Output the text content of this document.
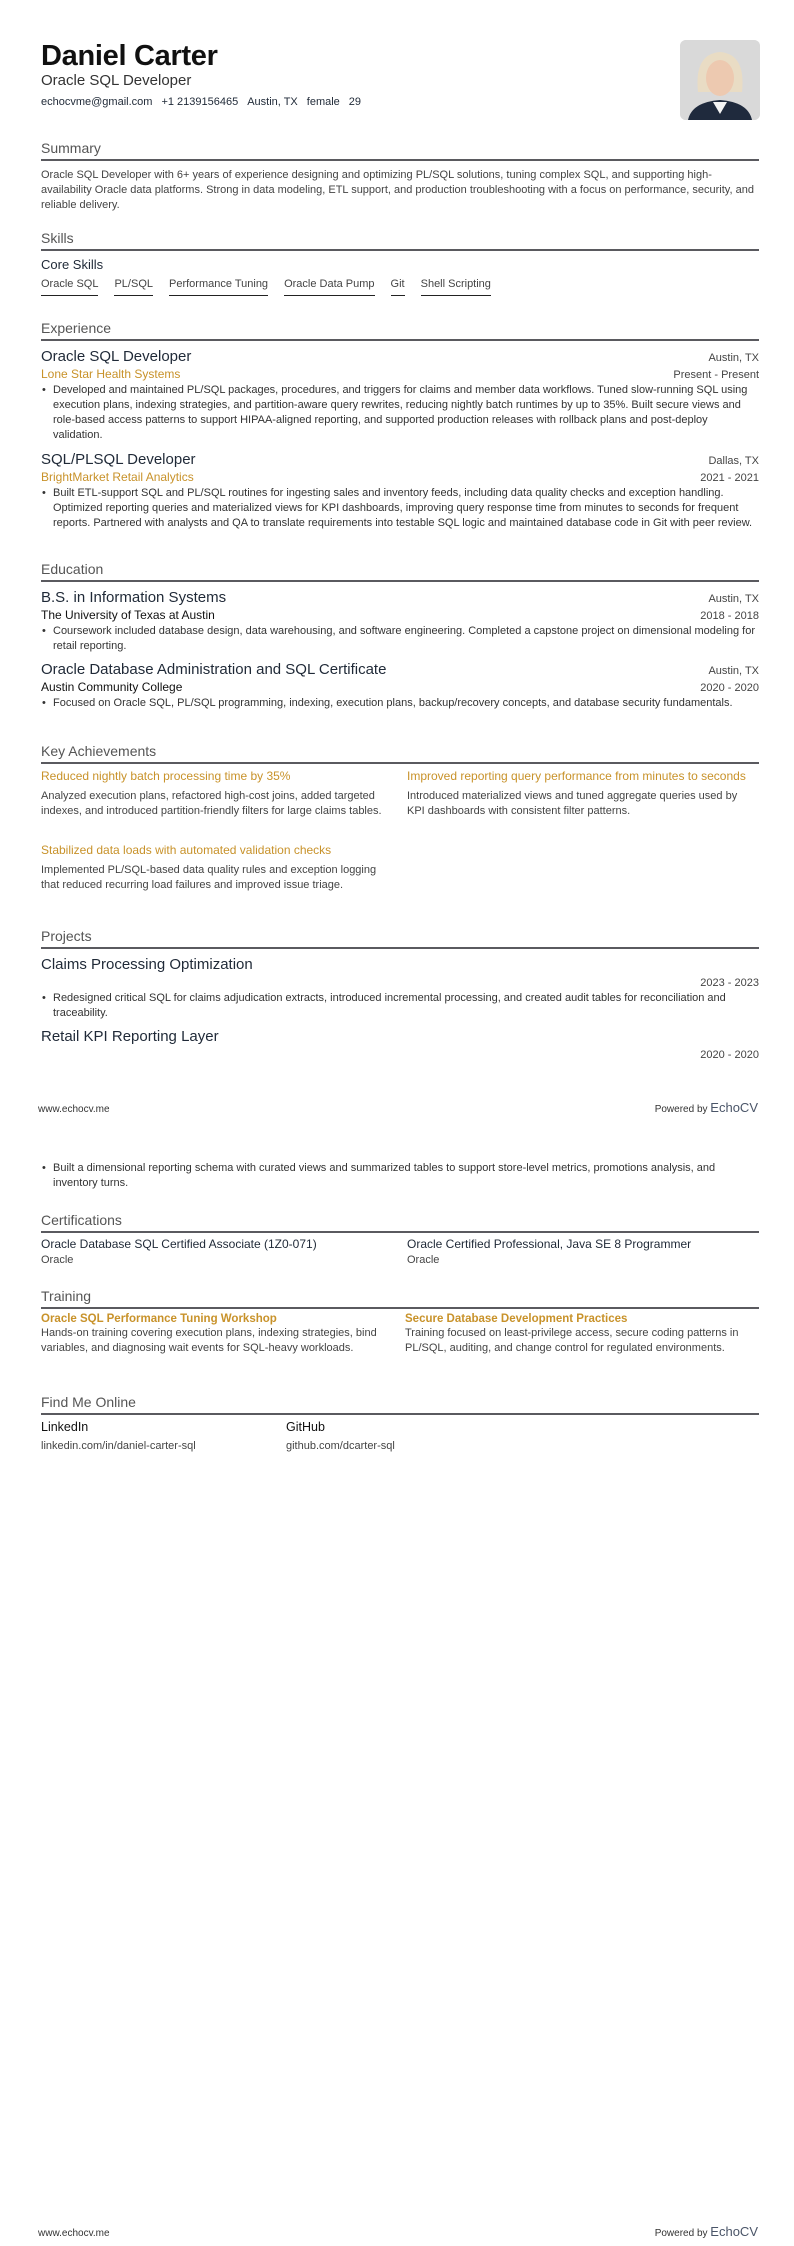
Daniel Carter
Oracle SQL Developer
echocvme@gmail.com +1 2139156465 Austin, TX female 29
Summary
Oracle SQL Developer with 6+ years of experience designing and optimizing PL/SQL solutions, tuning complex SQL, and supporting high-availability Oracle data platforms. Strong in data modeling, ETL support, and production troubleshooting with a focus on performance, security, and reliable delivery.
Skills
Core Skills
Oracle SQL PL/SQL Performance Tuning Oracle Data Pump Git Shell Scripting
Experience
Oracle SQL Developer	Austin, TX
Lone Star Health Systems	Present - Present
• Developed and maintained PL/SQL packages, procedures, and triggers for claims and member data workflows. Tuned slow-running SQL using execution plans, indexing strategies, and partition-aware query rewrites, reducing nightly batch runtimes by up to 35%. Built secure views and role-based access patterns to support HIPAA-aligned reporting, and supported production releases with rollback plans and post-deploy validation.
SQL/PLSQL Developer	Dallas, TX
BrightMarket Retail Analytics	2021 - 2021
• Built ETL-support SQL and PL/SQL routines for ingesting sales and inventory feeds, including data quality checks and exception handling. Optimized reporting queries and materialized views for KPI dashboards, improving query response time from minutes to seconds for frequent reports. Partnered with analysts and QA to translate requirements into testable SQL logic and maintained database code in Git with peer review.
Education
B.S. in Information Systems	Austin, TX
The University of Texas at Austin	2018 - 2018
• Coursework included database design, data warehousing, and software engineering. Completed a capstone project on dimensional modeling for retail reporting.
Oracle Database Administration and SQL Certificate	Austin, TX
Austin Community College	2020 - 2020
• Focused on Oracle SQL, PL/SQL programming, indexing, execution plans, backup/recovery concepts, and database security fundamentals.
Key Achievements
Reduced nightly batch processing time by 35%
Analyzed execution plans, refactored high-cost joins, added targeted indexes, and introduced partition-friendly filters for large claims tables.
Improved reporting query performance from minutes to seconds
Introduced materialized views and tuned aggregate queries used by KPI dashboards with consistent filter patterns.
Stabilized data loads with automated validation checks
Implemented PL/SQL-based data quality rules and exception logging that reduced recurring load failures and improved issue triage.
Projects
Claims Processing Optimization
2023 - 2023
• Redesigned critical SQL for claims adjudication extracts, introduced incremental processing, and created audit tables for reconciliation and traceability.
Retail KPI Reporting Layer
2020 - 2020
www.echocv.me	Powered by EchoCV
• Built a dimensional reporting schema with curated views and summarized tables to support store-level metrics, promotions analysis, and inventory turns.
Certifications
Oracle Database SQL Certified Associate (1Z0-071)
Oracle
Oracle Certified Professional, Java SE 8 Programmer
Oracle
Training
Oracle SQL Performance Tuning Workshop
Hands-on training covering execution plans, indexing strategies, bind variables, and diagnosing wait events for SQL-heavy workloads.
Secure Database Development Practices
Training focused on least-privilege access, secure coding patterns in PL/SQL, auditing, and change control for regulated environments.
Find Me Online
LinkedIn
linkedin.com/in/daniel-carter-sql
GitHub
github.com/dcarter-sql
www.echocv.me	Powered by EchoCV
